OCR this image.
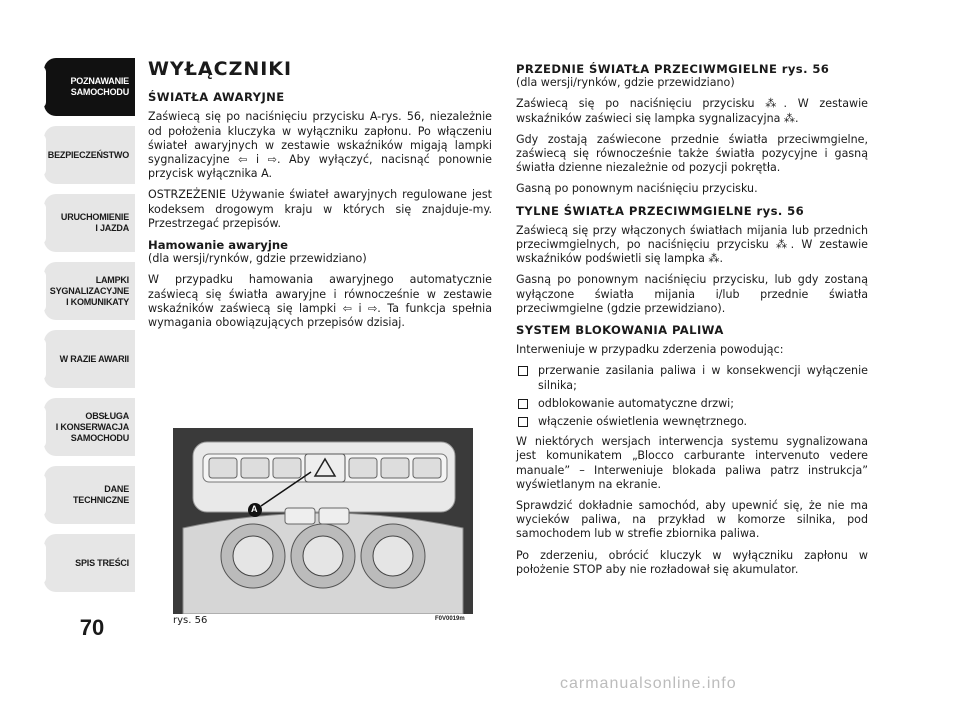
POZNAWANIE
SAMOCHODU
BEZPIECZEŃSTWO
URUCHOMIENIE
I JAZDA
LAMPKI
SYGNALIZACYJNE
I KOMUNIKATY
W RAZIE AWARII
OBSŁUGA
I KONSERWACJA
SAMOCHODU
DANE
TECHNICZNE
SPIS TREŚCI
70
WYŁĄCZNIKI
ŚWIATŁA AWARYJNE

Zaświecą się po naciśnięciu przycisku A-rys. 56, niezależnie od położenia kluczyka w wyłączniku zapłonu. Po włączeniu świateł awaryjnych w zestawie wskaźników migają lampki sygnalizacyjne ⇦ i ⇨. Aby wyłączyć, nacisnąć ponownie przycisk wyłącznika A.

OSTRZEŻENIE Używanie świateł awaryjnych regulowane jest kodeksem drogowym kraju w których się znajduje-my. Przestrzegać przepisów.

Hamowanie awaryjne

(dla wersji/rynków, gdzie przewidziano)

W przypadku hamowania awaryjnego automatycznie zaświecą się światła awaryjne i równocześnie w zestawie wskaźników zaświecą się lampki ⇦ i ⇨. Ta funkcja spełnia wymagania obowiązujących przepisów dzisiaj.

A
rys. 56	F0V0019m
PRZEDNIE ŚWIATŁA PRZECIWMGIELNE rys. 56

(dla wersji/rynków, gdzie przewidziano)

Zaświecą się po naciśnięciu przycisku ⁂. W zestawie wskaźników zaświeci się lampka sygnalizacyjna ⁂.

Gdy zostają zaświecone przednie światła przeciwmgielne, zaświecą się równocześnie także światła pozycyjne i gasną światła dzienne niezależnie od pozycji pokrętła.

Gasną po ponownym naciśnięciu przycisku.

TYLNE ŚWIATŁA PRZECIWMGIELNE rys. 56

Zaświecą się przy włączonych światłach mijania lub przednich przeciwmgielnych, po naciśnięciu przycisku ⁂. W zestawie wskaźników podświetli się lampka ⁂.

Gasną po ponownym naciśnięciu przycisku, lub gdy zostaną wyłączone światła mijania i/lub przednie światła przeciwmgielne (gdzie przewidziano).

SYSTEM BLOKOWANIA PALIWA

Interweniuje w przypadku zderzenia powodując:

przerwanie zasilania paliwa i w konsekwencji wyłączenie silnika;
odblokowanie automatyczne drzwi;
włączenie oświetlenia wewnętrznego.

W niektórych wersjach interwencja systemu sygnalizowana jest komunikatem „Blocco carburante intervenuto vedere manuale” – Interweniuje blokada paliwa patrz instrukcja” wyświetlanym na ekranie.

Sprawdzić dokładnie samochód, aby upewnić się, że nie ma wycieków paliwa, na przykład w komorze silnika, pod samochodem lub w strefie zbiornika paliwa.

Po zderzeniu, obrócić kluczyk w wyłączniku zapłonu w położenie STOP aby nie rozładował się akumulator.

carmanualsonline.info
